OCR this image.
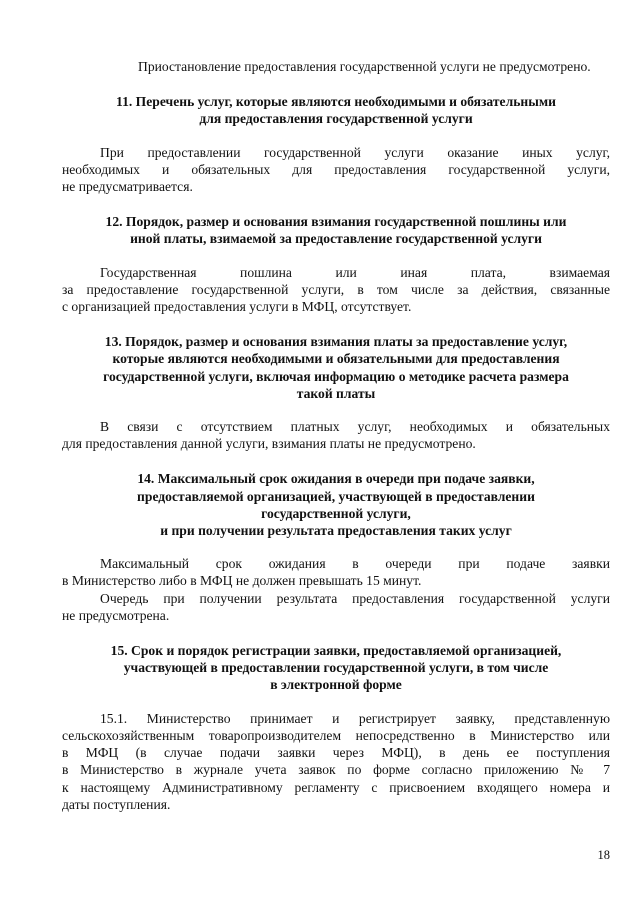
Приостановление предоставления государственной услуги не предусмотрено.

11. Перечень услуг, которые являются необходимыми и обязательными
для предоставления государственной услуги

При предоставлении государственной услуги оказание иных услуг,
необходимых и обязательных для предоставления государственной услуги,
не предусматривается.

12. Порядок, размер и основания взимания государственной пошлины или
иной платы, взимаемой за предоставление государственной услуги

Государственная пошлина или иная плата, взимаемая
за предоставление государственной услуги, в том числе за действия, связанные
с организацией предоставления услуги в МФЦ, отсутствует.

13. Порядок, размер и основания взимания платы за предоставление услуг,
которые являются необходимыми и обязательными для предоставления
государственной услуги, включая информацию о методике расчета размера
такой платы

В связи с отсутствием платных услуг, необходимых и обязательных
для предоставления данной услуги, взимания платы не предусмотрено.

14. Максимальный срок ожидания в очереди при подаче заявки,
предоставляемой организацией, участвующей в предоставлении
государственной услуги,
и при получении результата предоставления таких услуг

Максимальный срок ожидания в очереди при подаче заявки
в Министерство либо в МФЦ не должен превышать 15 минут.

Очередь при получении результата предоставления государственной услуги
не предусмотрена.

15. Срок и порядок регистрации заявки, предоставляемой организацией,
участвующей в предоставлении государственной услуги, в том числе
в электронной форме

15.1. Министерство принимает и регистрирует заявку, представленную
сельскохозяйственным товаропроизводителем непосредственно в Министерство или
в МФЦ (в случае подачи заявки через МФЦ), в день ее поступления
в Министерство в журнале учета заявок по форме согласно приложению № 7
к настоящему Административному регламенту с присвоением входящего номера и
даты поступления.

18
